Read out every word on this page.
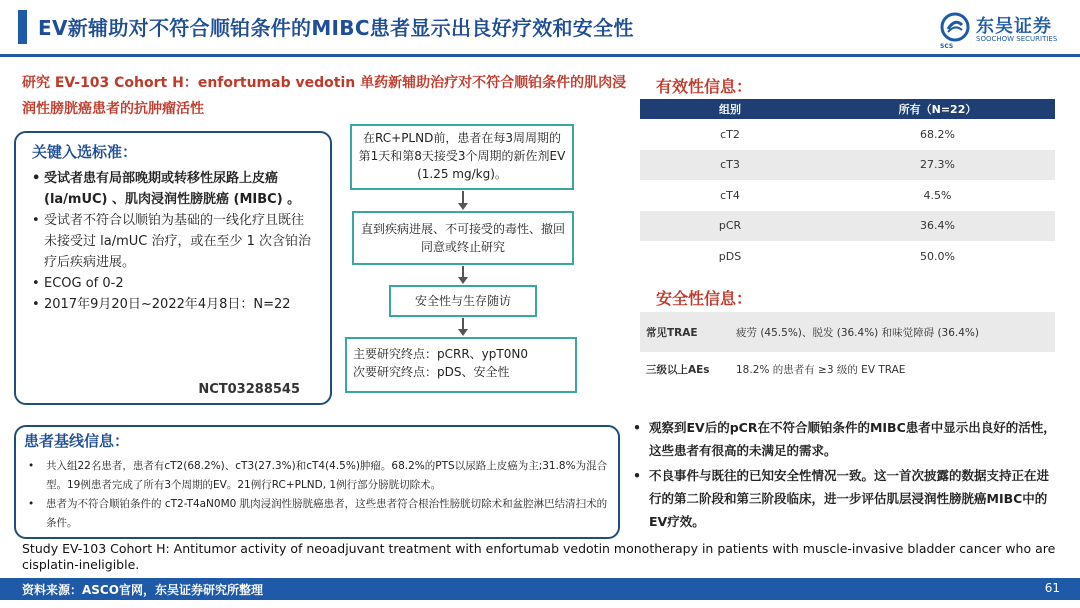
EV新辅助对不符合顺铂条件的MIBC患者显示出良好疗效和安全性	东吴证券
SOOCHOW SECURITIES
SCS
研究 EV-103 Cohort H：enfortumab vedotin 单药新辅助治疗对不符合顺铂条件的肌肉浸润性膀胱癌患者的抗肿瘤活性
关键入选标准：
• 受试者患有局部晚期或转移性尿路上皮癌 (la/mUC) 、肌肉浸润性膀胱癌 (MIBC) 。
• 受试者不符合以顺铂为基础的一线化疗且既往未接受过 la/mUC 治疗，或在至少 1 次含铂治疗后疾病进展。
• ECOG of 0-2
• 2017年9月20日~2022年4月8日：N=22
NCT03288545
在RC+PLND前，患者在每3周周期的第1天和第8天接受3个周期的新佐剂EV (1.25 mg/kg)。
直到疾病进展、不可接受的毒性、撤回同意或终止研究
安全性与生存随访
主要研究终点：pCRR、ypT0N0
次要研究终点：pDS、安全性
有效性信息：
组别	所有（N=22）
cT2	68.2%
cT3	27.3%
cT4	4.5%
pCR	36.4%
pDS	50.0%
安全性信息：
常见TRAE	疲劳 (45.5%)、脱发 (36.4%) 和味觉障碍 (36.4%)
三级以上AEs	18.2% 的患者有 ≥3 级的 EV TRAE
患者基线信息：
• 共入组22名患者，患者有cT2(68.2%)、cT3(27.3%)和cT4(4.5%)肿瘤。68.2%的PTS以尿路上皮癌为主;31.8%为混合型。19例患者完成了所有3个周期的EV。21例行RC+PLND, 1例行部分膀胱切除术。
• 患者为不符合顺铂条件的 cT2-T4aN0M0 肌肉浸润性膀胱癌患者，这些患者符合根治性膀胱切除术和盆腔淋巴结清扫术的条件。
• 观察到EV后的pCR在不符合顺铂条件的MIBC患者中显示出良好的活性，这些患者有很高的未满足的需求。
• 不良事件与既往的已知安全性情况一致。这一首次披露的数据支持正在进行的第二阶段和第三阶段临床，进一步评估肌层浸润性膀胱癌MIBC中的EV疗效。
Study EV-103 Cohort H: Antitumor activity of neoadjuvant treatment with enfortumab vedotin monotherapy in patients with muscle-invasive bladder cancer who are cisplatin-ineligible.
资料来源：ASCO官网，东吴证券研究所整理	61
